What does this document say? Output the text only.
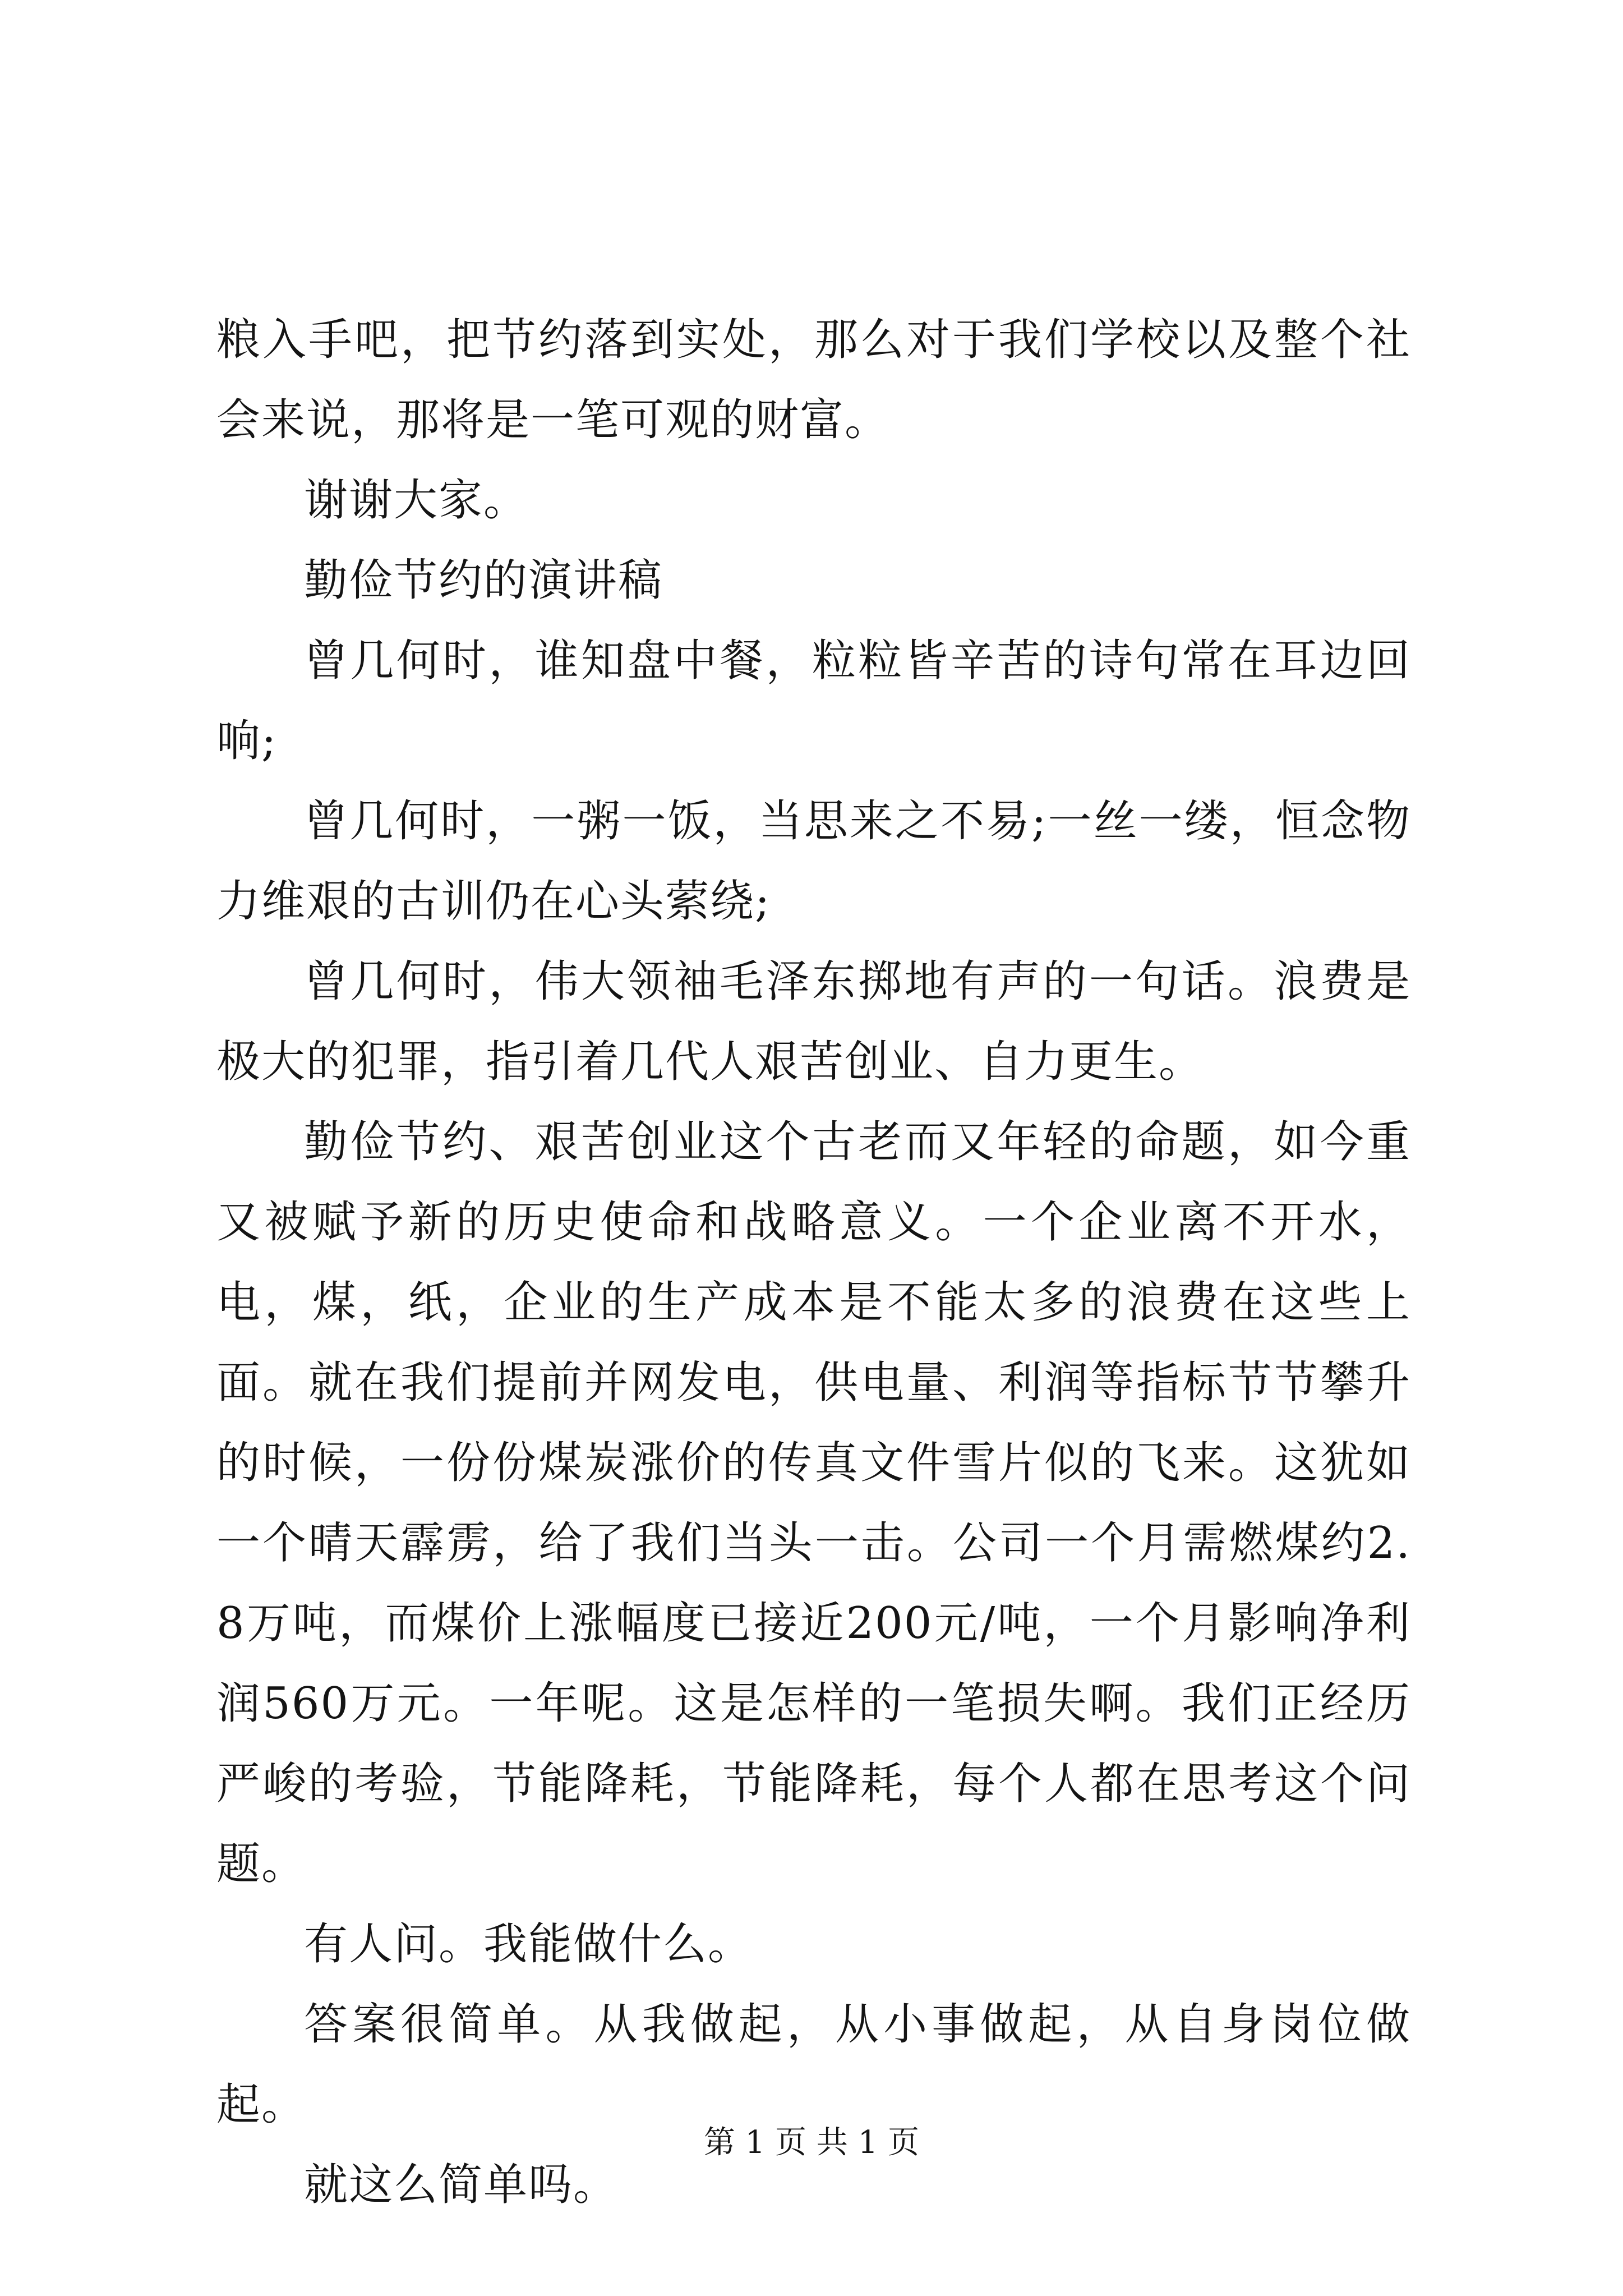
粮入手吧，把节约落到实处，那么对于我们学校以及整个社会来说，那将是一笔可观的财富。

谢谢大家。

勤俭节约的演讲稿

曾几何时，谁知盘中餐，粒粒皆辛苦的诗句常在耳边回响;

曾几何时，一粥一饭，当思来之不易;一丝一缕，恒念物力维艰的古训仍在心头萦绕;

曾几何时，伟大领袖毛泽东掷地有声的一句话。浪费是极大的犯罪，指引着几代人艰苦创业、自力更生。

勤俭节约、艰苦创业这个古老而又年轻的命题，如今重又被赋予新的历史使命和战略意义。一个企业离不开水，电，煤，纸，企业的生产成本是不能太多的浪费在这些上面。就在我们提前并网发电，供电量、利润等指标节节攀升的时候，一份份煤炭涨价的传真文件雪片似的飞来。这犹如一个晴天霹雳，给了我们当头一击。公司一个月需燃煤约2.8万吨，而煤价上涨幅度已接近200元/吨，一个月影响净利润560万元。一年呢。这是怎样的一笔损失啊。我们正经历严峻的考验，节能降耗，节能降耗，每个人都在思考这个问题。

有人问。我能做什么。

答案很简单。从我做起，从小事做起，从自身岗位做起。

就这么简单吗。

第 1 页 共 1 页
